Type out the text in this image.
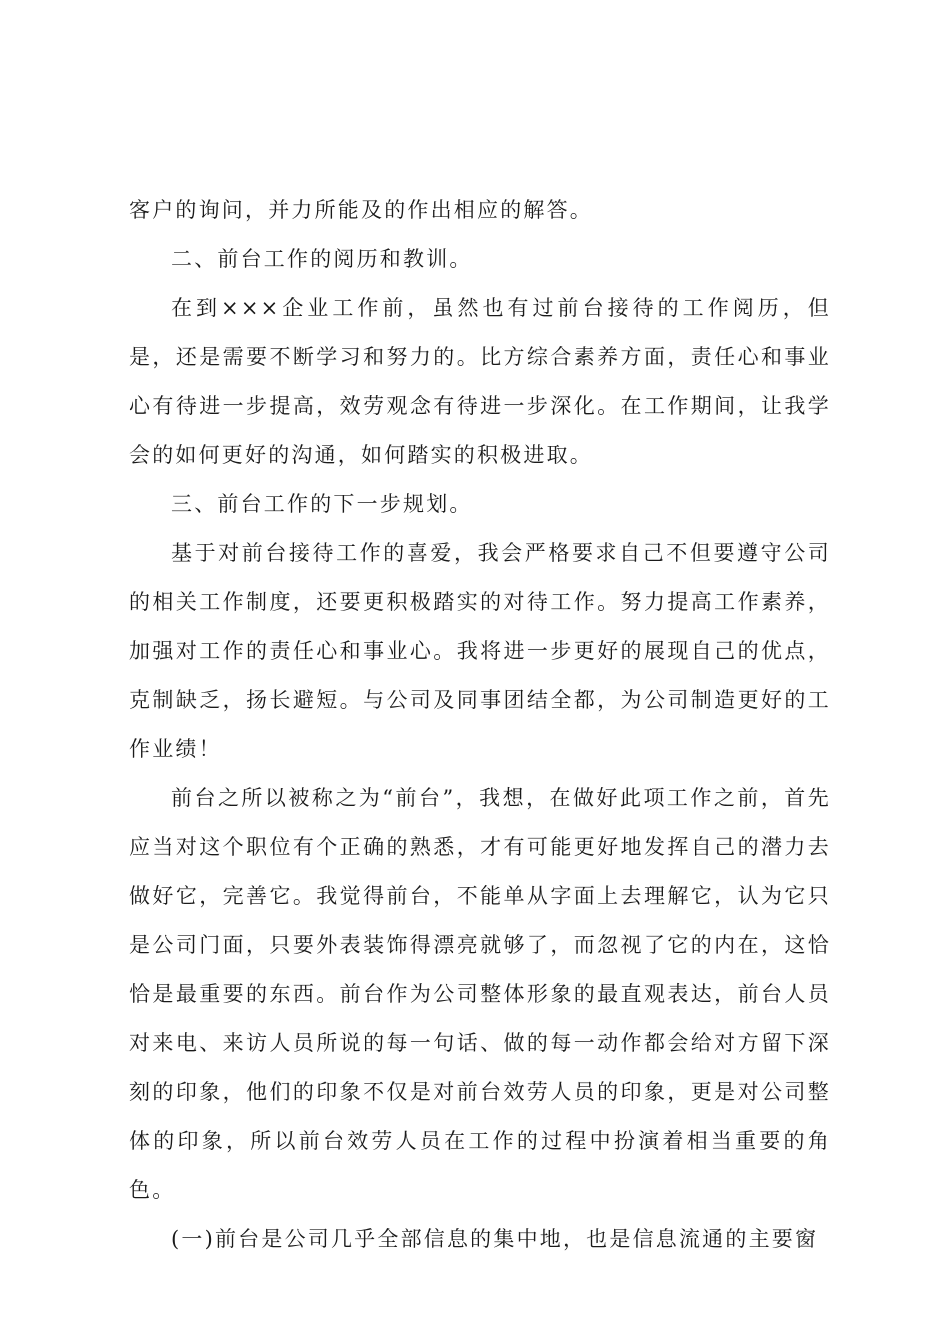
客户的询问，并力所能及的作出相应的解答。

二、前台工作的阅历和教训。

在到×××企业工作前，虽然也有过前台接待的工作阅历，但是，还是需要不断学习和努力的。比方综合素养方面，责任心和事业心有待进一步提高，效劳观念有待进一步深化。在工作期间，让我学会的如何更好的沟通，如何踏实的积极进取。

三、前台工作的下一步规划。

基于对前台接待工作的喜爱，我会严格要求自己不但要遵守公司的相关工作制度，还要更积极踏实的对待工作。努力提高工作素养，加强对工作的责任心和事业心。我将进一步更好的展现自己的优点，克制缺乏，扬长避短。与公司及同事团结全都，为公司制造更好的工作业绩！

前台之所以被称之为“前台”，我想，在做好此项工作之前，首先应当对这个职位有个正确的熟悉，才有可能更好地发挥自己的潜力去做好它，完善它。我觉得前台，不能单从字面上去理解它，认为它只是公司门面，只要外表装饰得漂亮就够了，而忽视了它的内在，这恰恰是最重要的东西。前台作为公司整体形象的最直观表达，前台人员对来电、来访人员所说的每一句话、做的每一动作都会给对方留下深刻的印象，他们的印象不仅是对前台效劳人员的印象，更是对公司整体的印象，所以前台效劳人员在工作的过程中扮演着相当重要的角色。

(一)前台是公司几乎全部信息的集中地，也是信息流通的主要窗
